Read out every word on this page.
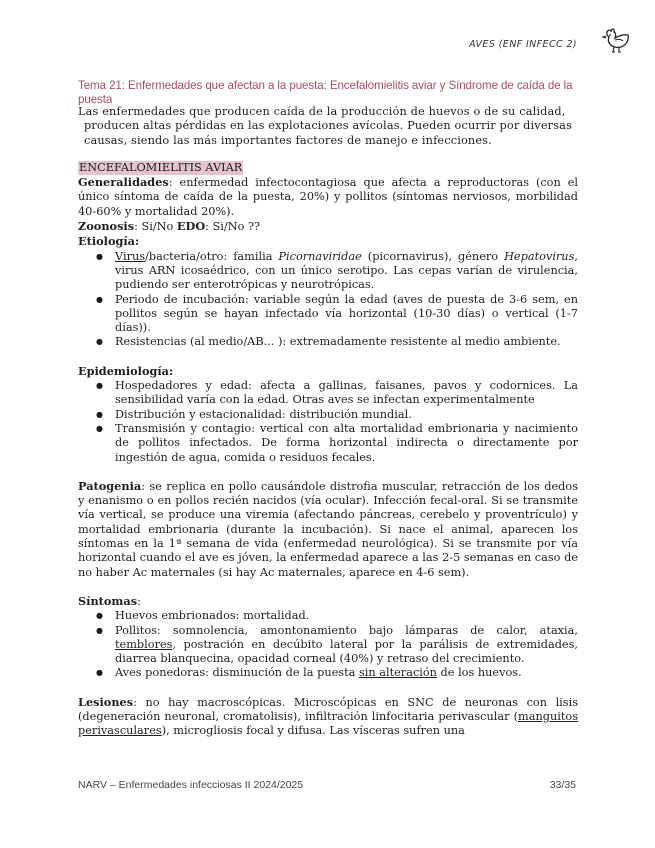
AVES (ENF INFECC 2)
Tema 21: Enfermedades que afectan a la puesta: Encefalomielitis aviar y Síndrome de caída de la puesta
Las enfermedades que producen caída de la producción de huevos o de su calidad,
producen altas pérdidas en las explotaciones avícolas. Pueden ocurrir por diversas
causas, siendo las más importantes factores de manejo e infecciones.
ENCEFALOMIELITIS AVIAR

Generalidades: enfermedad infectocontagiosa que afecta a reproductoras (con el único síntoma de caída de la puesta, 20%) y pollitos (síntomas nerviosos, morbilidad 40-60% y mortalidad 20%).

Zoonosis: Si/No EDO: Si/No ??

Etiología:

● Virus/bacteria/otro: familia Picornaviridae (picornavirus), género Hepatovirus, virus ARN icosaédrico, con un único serotipo. Las cepas varían de virulencia, pudiendo ser enterotrópicas y neurotrópicas.
● Periodo de incubación: variable según la edad (aves de puesta de 3-6 sem, en pollitos según se hayan infectado vía horizontal (10-30 días) o vertical (1-7 días)).
● Resistencias (al medio/AB... ): extremadamente resistente al medio ambiente.

Epidemiología:

● Hospedadores y edad: afecta a gallinas, faisanes, pavos y codornices. La sensibilidad varía con la edad. Otras aves se infectan experimentalmente
● Distribución y estacionalidad: distribución mundial.
● Transmisión y contagio: vertical con alta mortalidad embrionaria y nacimiento de pollitos infectados. De forma horizontal indirecta o directamente por ingestión de agua, comida o residuos fecales.

Patogenia: se replica en pollo causándole distrofia muscular, retracción de los dedos y enanismo o en pollos recién nacidos (vía ocular). Infección fecal-oral. Si se transmite vía vertical, se produce una viremia (afectando páncreas, cerebelo y proventrículo) y mortalidad embrionaria (durante la incubación). Si nace el animal, aparecen los síntomas en la 1ª semana de vida (enfermedad neurológica). Si se transmite por vía horizontal cuando el ave es jóven, la enfermedad aparece a las 2-5 semanas en caso de no haber Ac maternales (si hay Ac maternales, aparece en 4-6 sem).

Síntomas:

● Huevos embrionados: mortalidad.
● Pollitos: somnolencia, amontonamiento bajo lámparas de calor, ataxia, temblores, postración en decúbito lateral por la parálisis de extremidades, diarrea blanquecina, opacidad corneal (40%) y retraso del crecimiento.
● Aves ponedoras: disminución de la puesta sin alteración de los huevos.

Lesiones: no hay macroscópicas. Microscópicas en SNC de neuronas con lisis (degeneración neuronal, cromatolisis), infiltración linfocitaria perivascular (manguitos perivasculares), microgliosis focal y difusa. Las vísceras sufren una

NARV – Enfermedades infecciosas II 2024/2025	33/35
